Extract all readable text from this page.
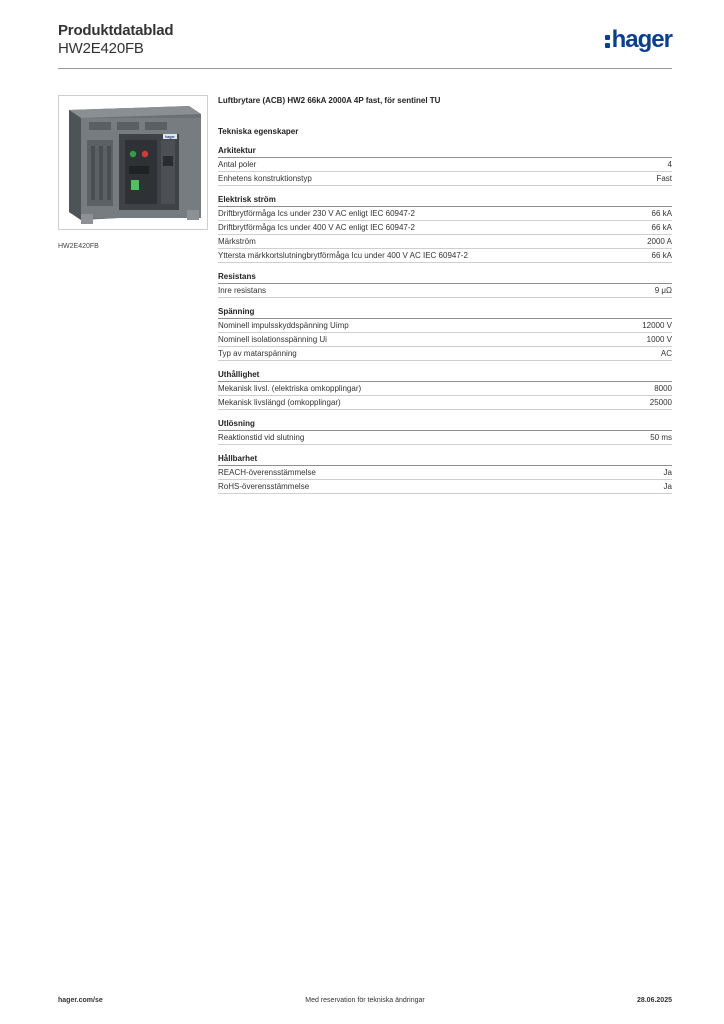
Produktdatablad
HW2E420FB	hager
hager
HW2E420FB
Luftbrytare (ACB) HW2 66kA 2000A 4P fast, för sentinel TU
Tekniska egenskaper
Arkitektur
Antal poler	4
Enhetens konstruktionstyp	Fast
Elektrisk ström
Driftbrytförmåga Ics under 230 V AC enligt IEC 60947-2	66 kA
Driftbrytförmåga Ics under 400 V AC enligt IEC 60947-2	66 kA
Märkström	2000 A
Yttersta märkkortslutningbrytförmåga Icu under 400 V AC IEC 60947-2	66 kA
Resistans
Inre resistans	9 μΩ
Spänning
Nominell impulsskyddspänning Uimp	12000 V
Nominell isolationsspänning Ui	1000 V
Typ av matarspänning	AC
Uthållighet
Mekanisk livsl. (elektriska omkopplingar)	8000
Mekanisk livslängd (omkopplingar)	25000
Utlösning
Reaktionstid vid slutning	50 ms
Hållbarhet
REACH-överensstämmelse	Ja
RoHS-överensstämmelse	Ja
hager.com/se	Med reservation för tekniska ändringar	28.06.2025
